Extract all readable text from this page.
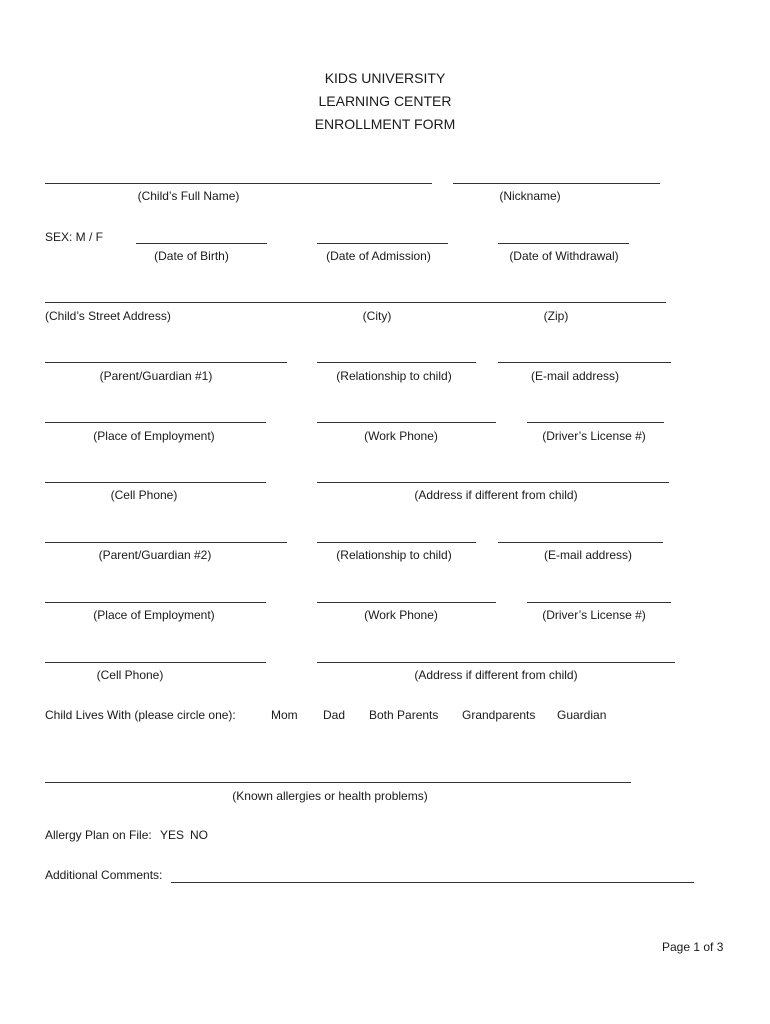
KIDS UNIVERSITY
LEARNING CENTER
ENROLLMENT FORM
(Child’s Full Name)	(Nickname)
SEX: M / F
(Date of Birth)	(Date of Admission)	(Date of Withdrawal)
(Child’s Street Address)	(City)	(Zip)
(Parent/Guardian #1)	(Relationship to child)	(E-mail address)
(Place of Employment)	(Work Phone)	(Driver’s License #)
(Cell Phone)	(Address if different from child)
(Parent/Guardian #2)	(Relationship to child)	(E-mail address)
(Place of Employment)	(Work Phone)	(Driver’s License #)
(Cell Phone)	(Address if different from child)
Child Lives With (please circle one):	Mom Dad Both Parents Grandparents Guardian
(Known allergies or health problems)
Allergy Plan on File: YES NO
Additional Comments:
Page 1 of 3
